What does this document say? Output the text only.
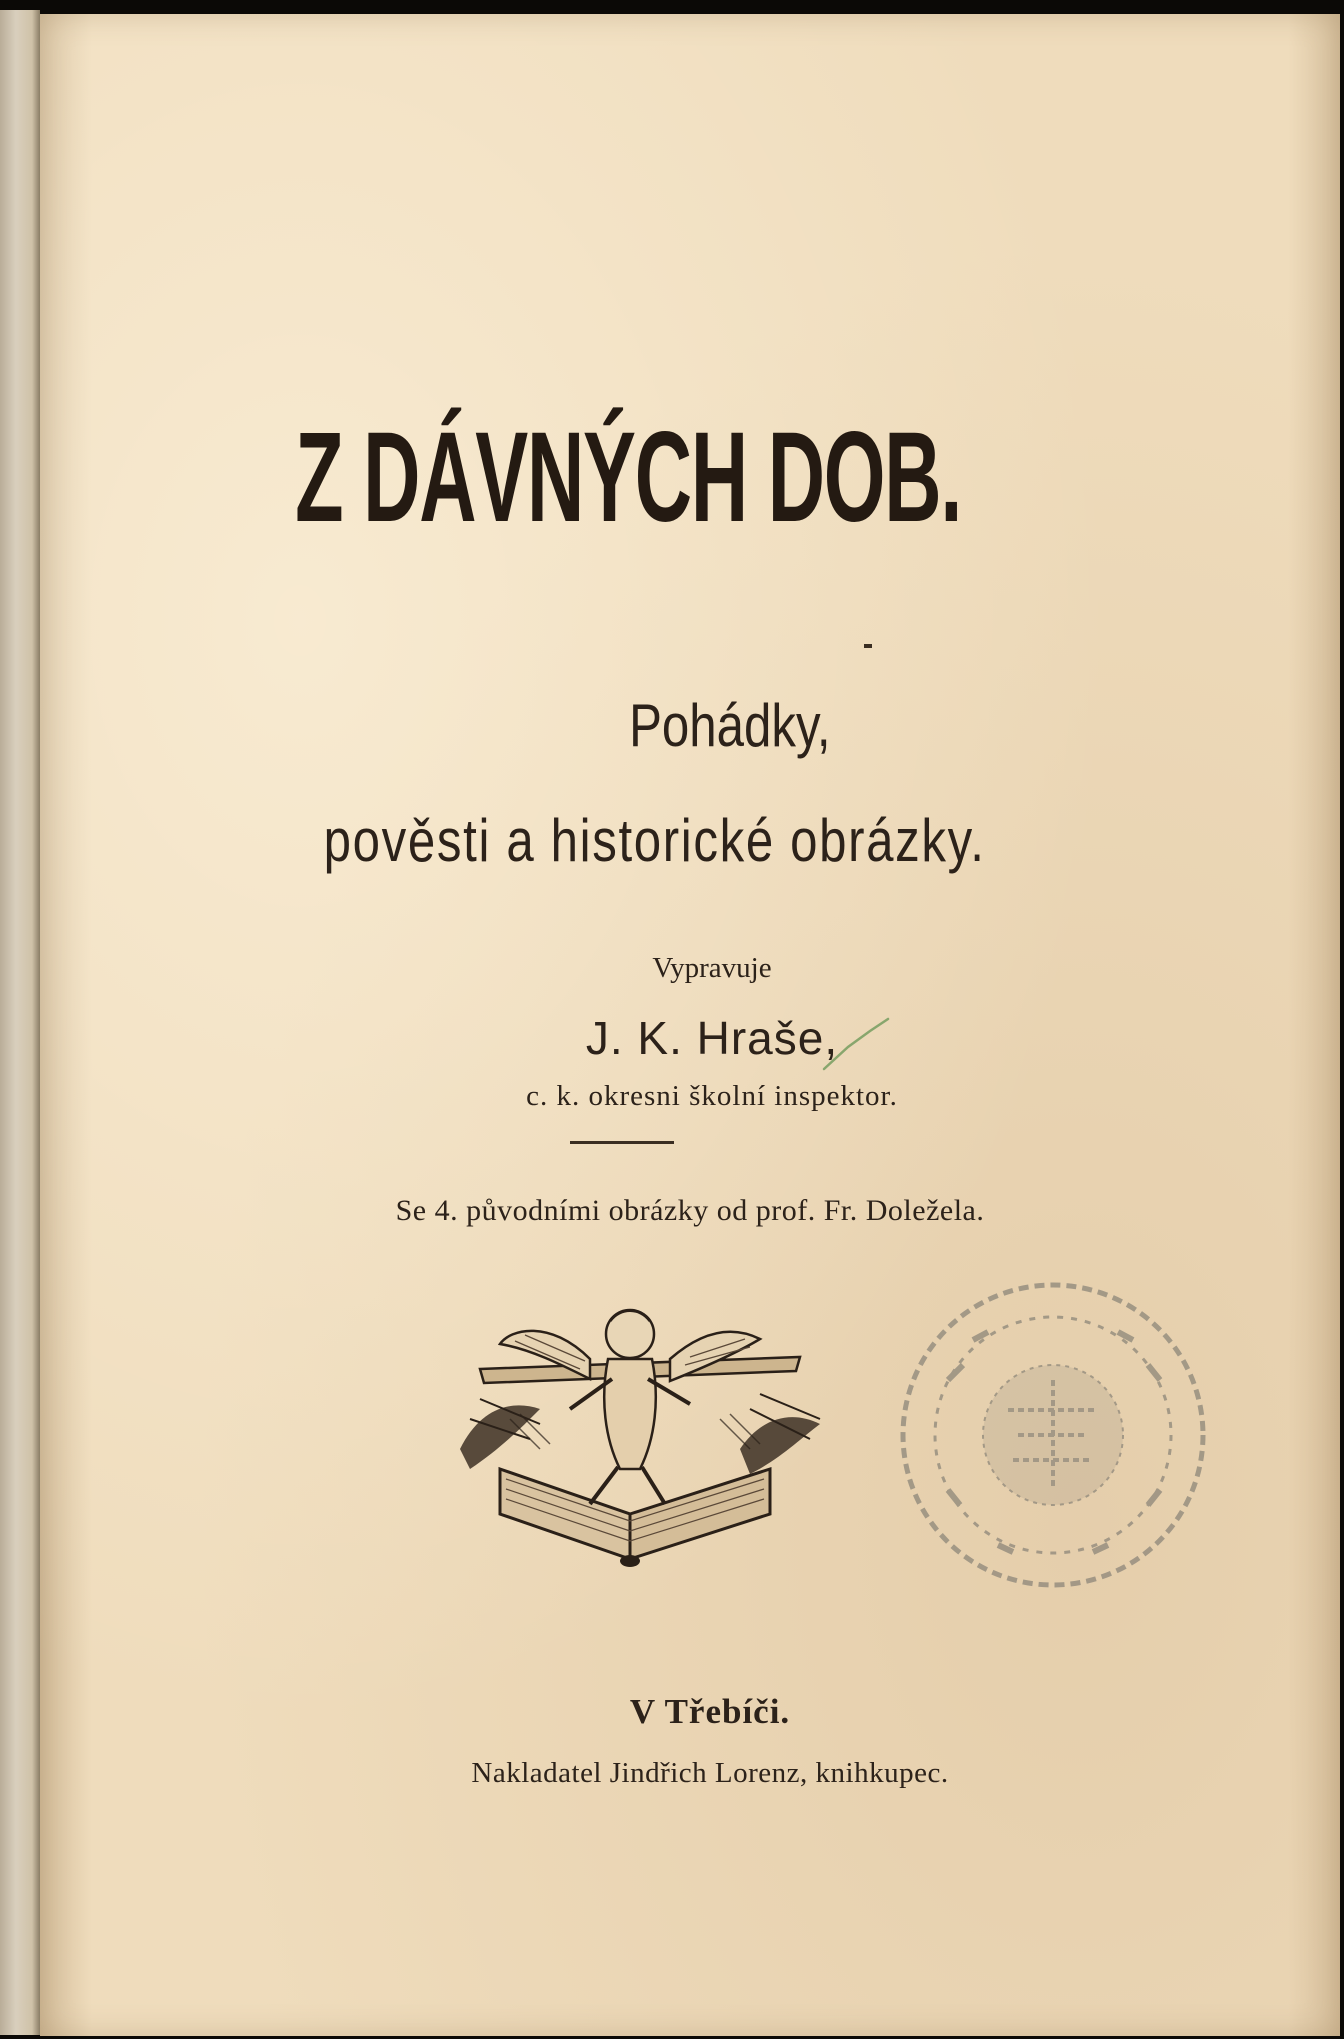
Z DÁVNÝCH DOB.
Pohádky,
pověsti a historické obrázky.
Vypravuje
J. K. Hraše,
c. k. okresni školní inspektor.
Se 4. původními obrázky od prof. Fr. Doležela.
V Třebíči.
Nakladatel Jindřich Lorenz, knihkupec.
